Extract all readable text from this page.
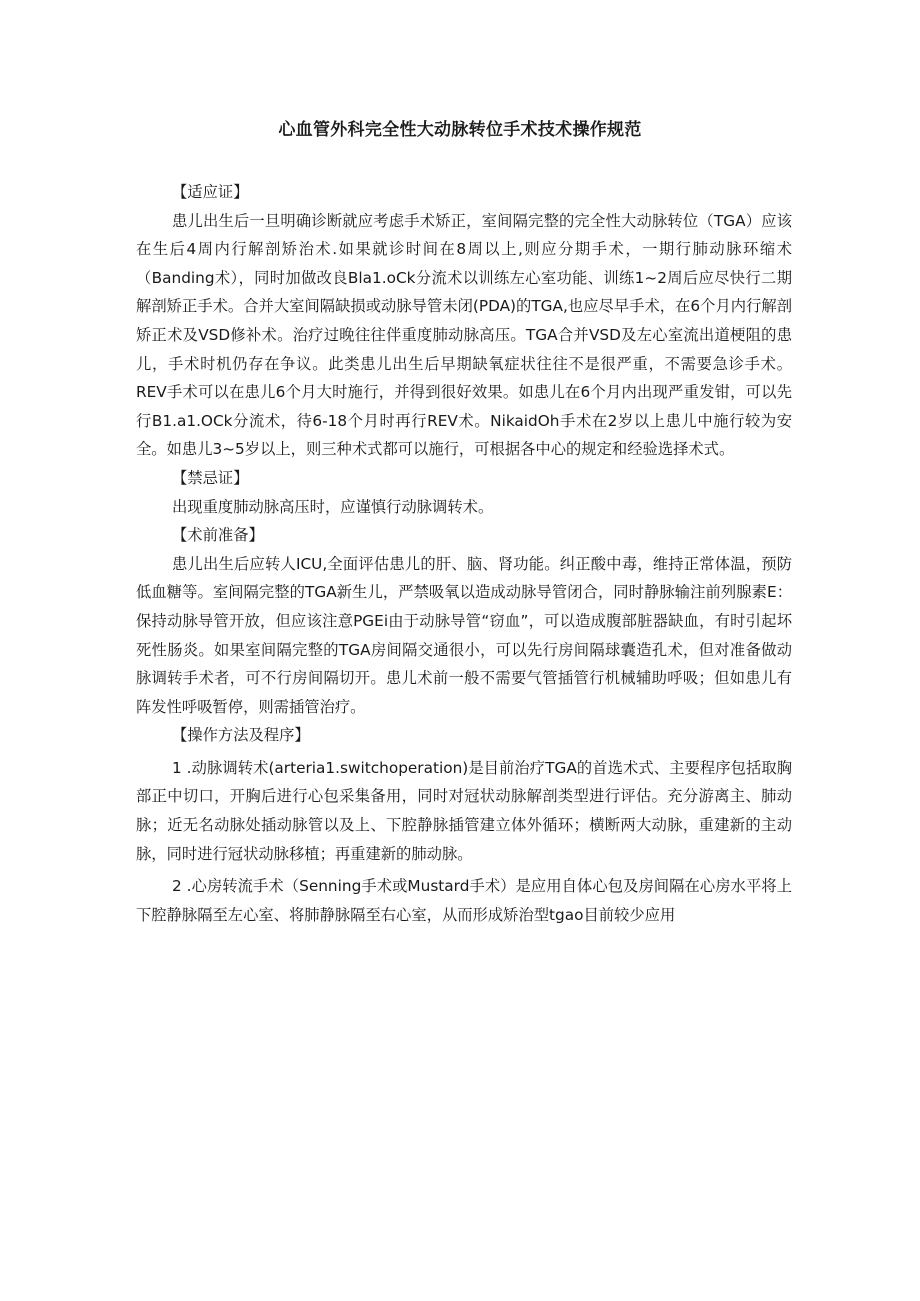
心血管外科完全性大动脉转位手术技术操作规范

【适应证】

患儿出生后一旦明确诊断就应考虑手术矫正，室间隔完整的完全性大动脉转位（TGA）应该在生后4周内行解剖矫治术.如果就诊时间在8周以上,则应分期手术，一期行肺动脉环缩术（Banding术），同时加做改良Bla1.oCk分流术以训练左心室功能、训练1~2周后应尽快行二期解剖矫正手术。合并大室间隔缺损或动脉导管未闭(PDA)的TGA,也应尽早手术，在6个月内行解剖矫正术及VSD修补术。治疗过晚往往伴重度肺动脉高压。TGA合并VSD及左心室流出道梗阻的患儿，手术时机仍存在争议。此类患儿出生后早期缺氧症状往往不是很严重，不需要急诊手术。REV手术可以在患儿6个月大时施行，并得到很好效果。如患儿在6个月内出现严重发钳，可以先行B1.a1.OCk分流术，待6-18个月时再行REV术。NikaidOh手术在2岁以上患儿中施行较为安全。如患儿3~5岁以上，则三种术式都可以施行，可根据各中心的规定和经验选择术式。

【禁忌证】

出现重度肺动脉高压时，应谨慎行动脉调转术。

【术前准备】

患儿出生后应转人ICU,全面评估患儿的肝、脑、肾功能。纠正酸中毒，维持正常体温，预防低血糖等。室间隔完整的TGA新生儿，严禁吸氧以造成动脉导管闭合，同时静脉输注前列腺素E：保持动脉导管开放，但应该注意PGEi由于动脉导管“窃血”，可以造成腹部脏器缺血，有时引起坏死性肠炎。如果室间隔完整的TGA房间隔交通很小，可以先行房间隔球囊造孔术，但对准备做动脉调转手术者，可不行房间隔切开。患儿术前一般不需要气管插管行机械辅助呼吸；但如患儿有阵发性呼吸暂停，则需插管治疗。

【操作方法及程序】

1 .动脉调转术(arteria1.switchoperation)是目前治疗TGA的首选术式、主要程序包括取胸部正中切口，开胸后进行心包采集备用，同时对冠状动脉解剖类型进行评估。充分游离主、肺动脉；近无名动脉处插动脉管以及上、下腔静脉插管建立体外循环；横断两大动脉，重建新的主动脉，同时进行冠状动脉移植；再重建新的肺动脉。

2 .心房转流手术（Senning手术或Mustard手术）是应用自体心包及房间隔在心房水平将上下腔静脉隔至左心室、将肺静脉隔至右心室，从而形成矫治型tgao目前较少应用
